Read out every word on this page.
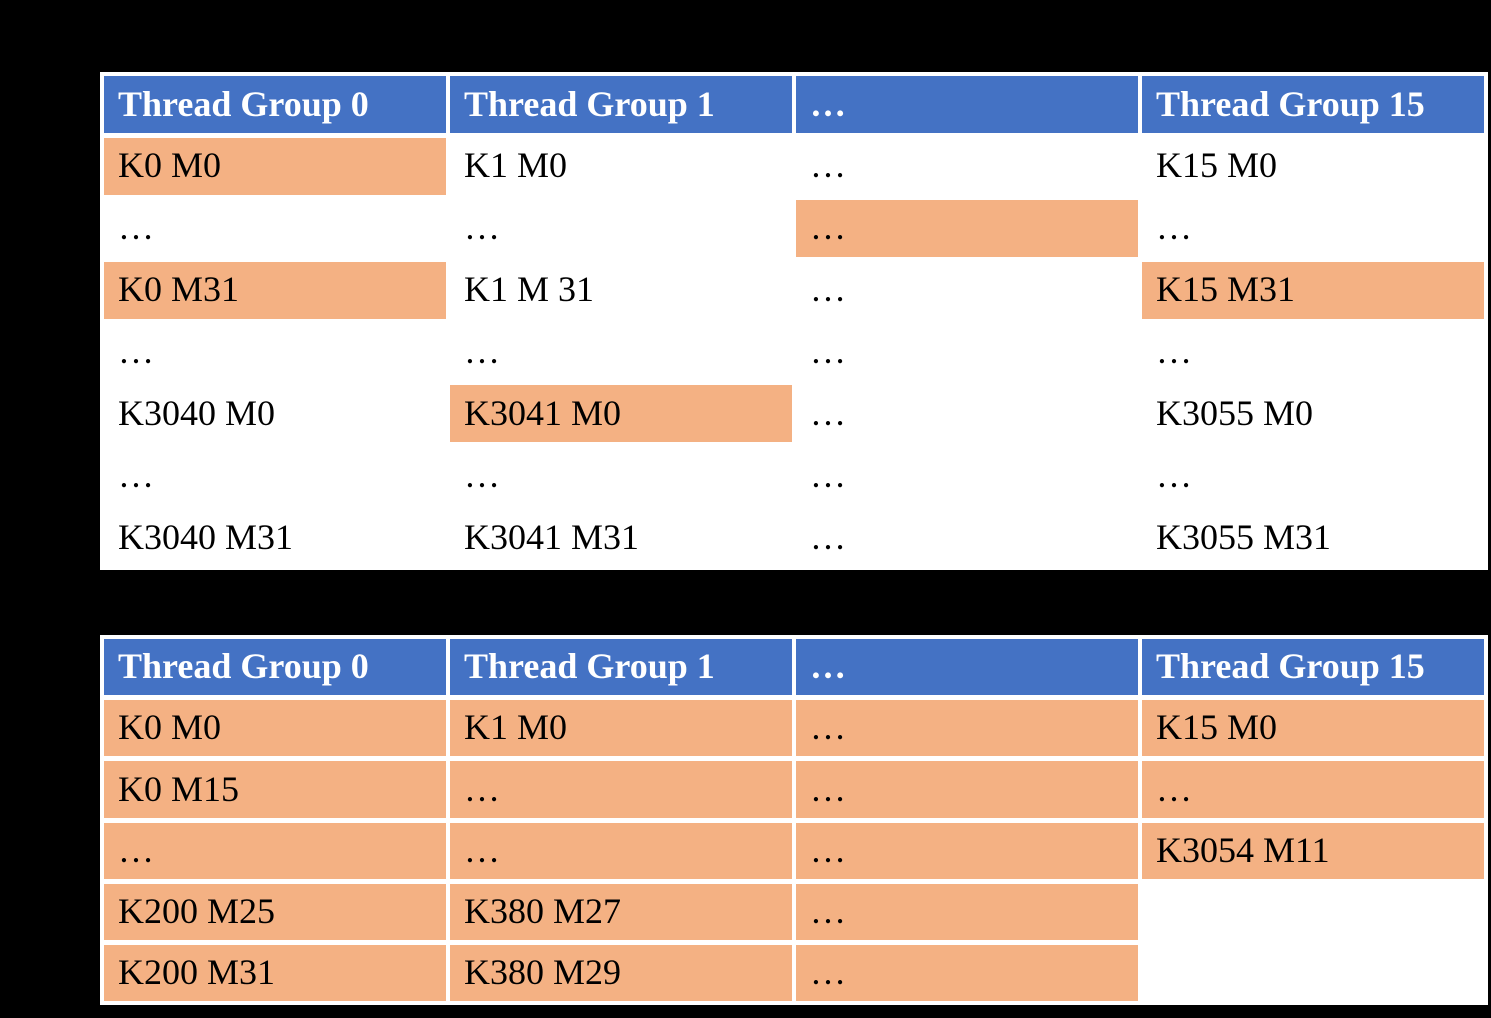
Thread Group 0	Thread Group 1	…	Thread Group 15
K0 M0	K1 M0	…	K15 M0
…	…	…	…
K0 M31	K1 M 31	…	K15 M31
…	…	…	…
K3040 M0	K3041 M0	…	K3055 M0
…	…	…	…
K3040 M31	K3041 M31	…	K3055 M31
Thread Group 0	Thread Group 1	…	Thread Group 15
K0 M0	K1 M0	…	K15 M0
K0 M15	…	…	…
…	…	…	K3054 M11
K200 M25	K380 M27	…
K200 M31	K380 M29	…
